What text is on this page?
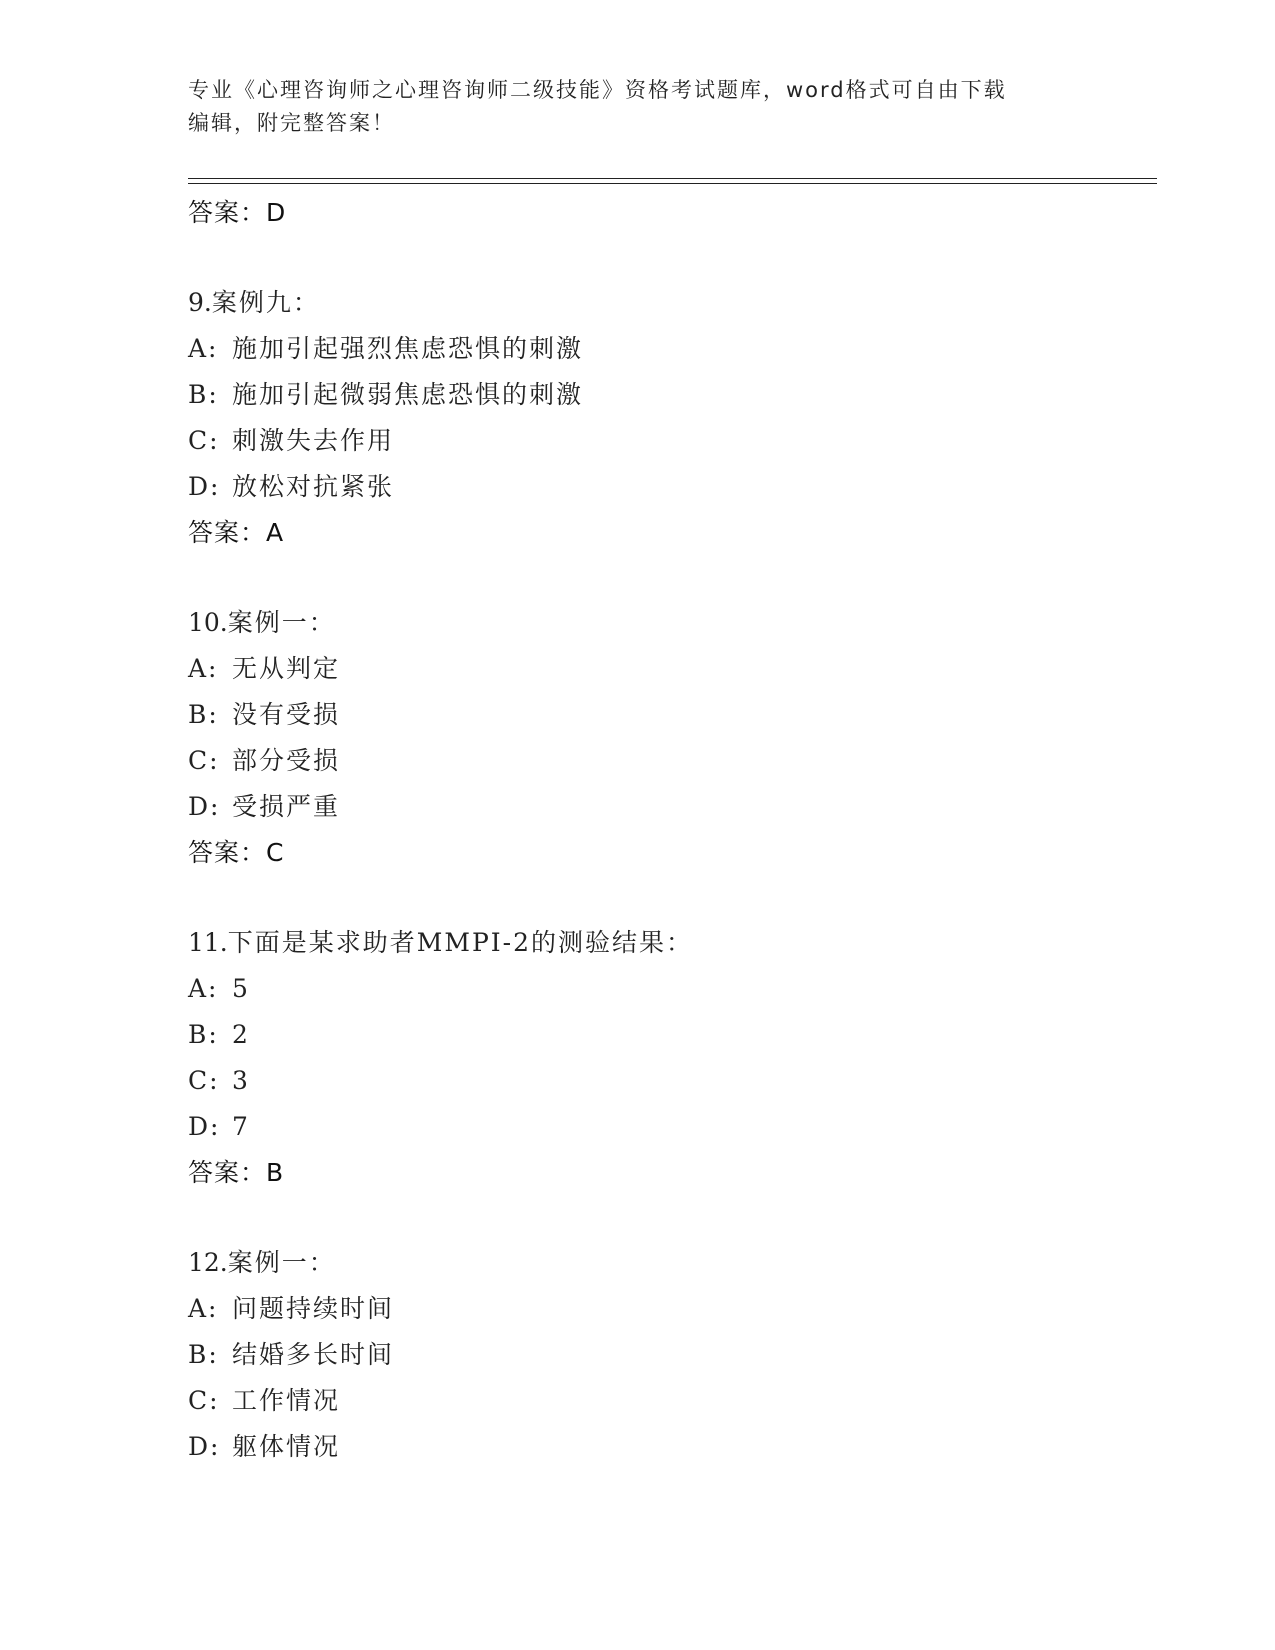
专业《心理咨询师之心理咨询师二级技能》资格考试题库，word格式可自由下载
编辑，附完整答案！
答案：D
9.案例九：
A: 施加引起强烈焦虑恐惧的刺激
B: 施加引起微弱焦虑恐惧的刺激
C: 刺激失去作用
D: 放松对抗紧张
答案：A
10.案例一：
A: 无从判定
B: 没有受损
C: 部分受损
D: 受损严重
答案：C
11.下面是某求助者MMPI-2的测验结果：
A: 5
B: 2
C: 3
D: 7
答案：B
12.案例一：
A: 问题持续时间
B: 结婚多长时间
C: 工作情况
D: 躯体情况
